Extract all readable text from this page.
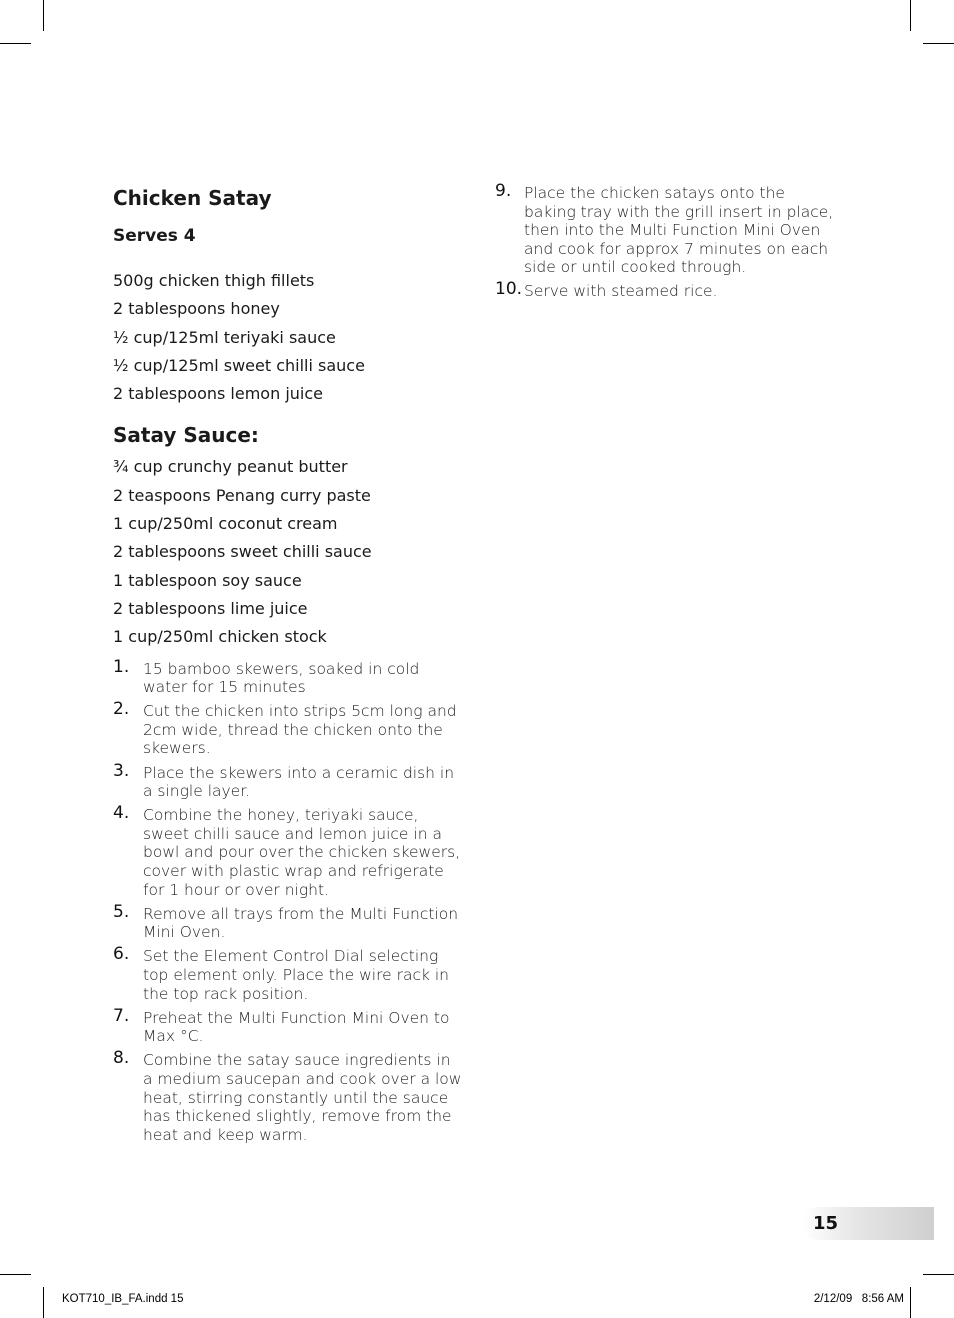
Chicken Satay
Serves 4

500g chicken thigh fillets

2 tablespoons honey

½ cup/125ml teriyaki sauce

½ cup/125ml sweet chilli sauce

2 tablespoons lemon juice

Satay Sauce:

¾ cup crunchy peanut butter

2 teaspoons Penang curry paste

1 cup/250ml coconut cream

2 tablespoons sweet chilli sauce

1 tablespoon soy sauce

2 tablespoons lime juice

1 cup/250ml chicken stock

1. 15 bamboo skewers, soaked in cold water for 15 minutes
2. Cut the chicken into strips 5cm long and 2cm wide, thread the chicken onto the skewers.
3. Place the skewers into a ceramic dish in a single layer.
4. Combine the honey, teriyaki sauce, sweet chilli sauce and lemon juice in a bowl and pour over the chicken skewers, cover with plastic wrap and refrigerate for 1 hour or over night.
5. Remove all trays from the Multi Function Mini Oven.
6. Set the Element Control Dial selecting top element only. Place the wire rack in the top rack position.
7. Preheat the Multi Function Mini Oven to Max °C.
8. Combine the satay sauce ingredients in a medium saucepan and cook over a low heat, stirring constantly until the sauce has thickened slightly, remove from the heat and keep warm.
9. Place the chicken satays onto the baking tray with the grill insert in place, then into the Multi Function Mini Oven and cook for approx 7 minutes on each side or until cooked through.
10. Serve with steamed rice.
15
KOT710_IB_FA.indd 15	2/12/09   8:56 AM
